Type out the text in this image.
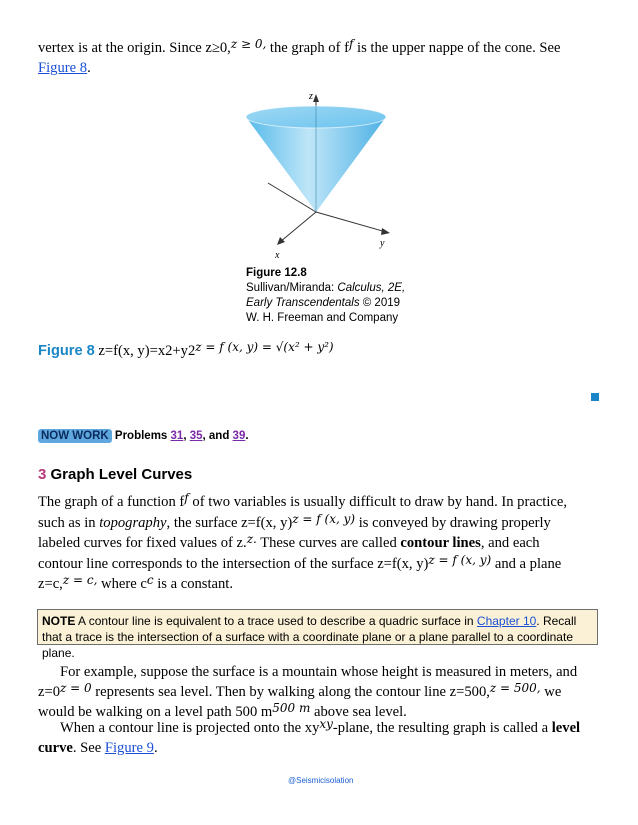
vertex is at the origin. Since z≥0,$^{z \ge 0,}$ the graph of $f^f$ is the upper nappe of the cone. See
Figure 8.
z
y
x
Figure 12.8
Sullivan/Miranda: Calculus, 2E,
Early Transcendentals © 2019
W. H. Freeman and Company
Figure 8 z=f(x, $y)=x2+y2^{z = f (x, y) = √(x^2 + y^2)}$
NOW WORK Problems 31, 35, and 39.
3 Graph Level Curves
The graph of a function $f^f$ of two variables is usually difficult to draw by hand. In practice,
such as in topography, the surface z=f(x, y)$^{z = f (x, y)}$ is conveyed by drawing properly
labeled curves for fixed values of z.$^{z.}$ These curves are called contour lines, and each
contour line corresponds to the intersection of the surface z=f(x, y)$^{z = f (x, y)}$ and a plane
z=c,$^{z = c,}$ where $c^c$ is a constant.
NOTE A contour line is equivalent to a trace used to describe a quadric surface in Chapter 10. Recall that a trace is the intersection of a surface with a coordinate plane or a plane parallel to a coordinate plane.
For example, suppose the surface is a mountain whose height is measured in meters, and
$z=0^{z = 0}$ represents sea level. Then by walking along the contour line z=500,$^{z = 500,}$ we
would be walking on a level path 500 $m^{500 m}$ above sea level.
When a contour line is projected onto the $xy^{xy}$-plane, the resulting graph is called a level
curve. See Figure 9.
@Seismicisolation
